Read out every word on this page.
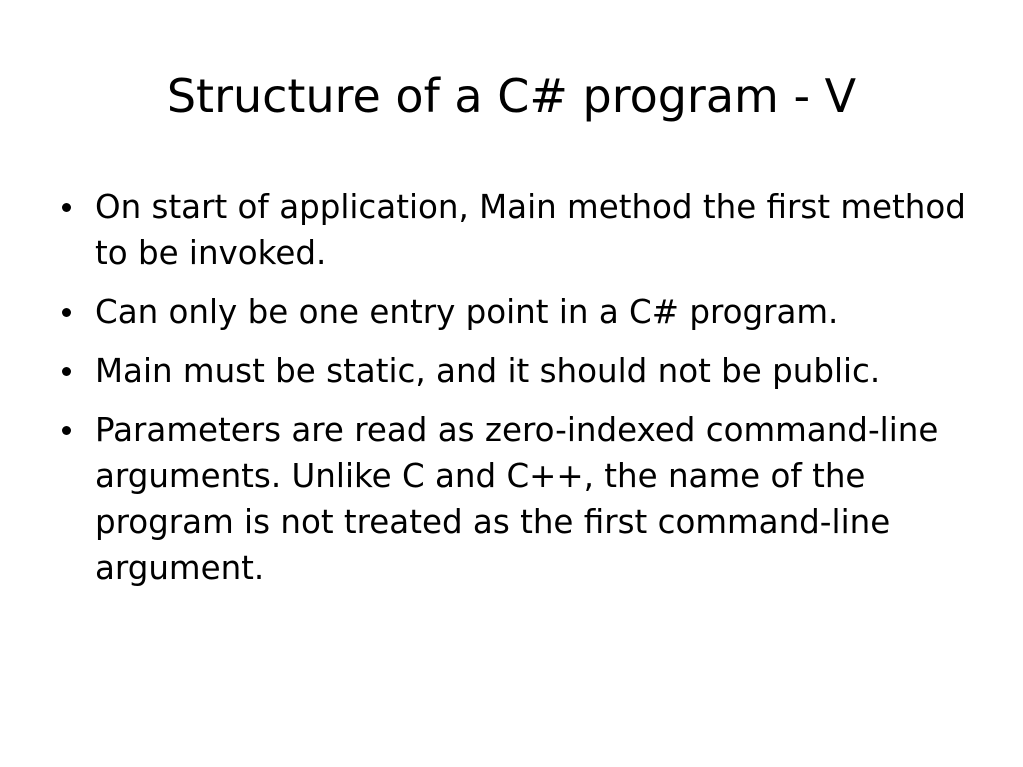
Structure of a C# program - V
On start of application, Main method the first method to be invoked.
Can only be one entry point in a C# program.
Main must be static, and it should not be public.
Parameters are read as zero-indexed command-line arguments. Unlike C and C++, the name of the program is not treated as the first command-line argument.
